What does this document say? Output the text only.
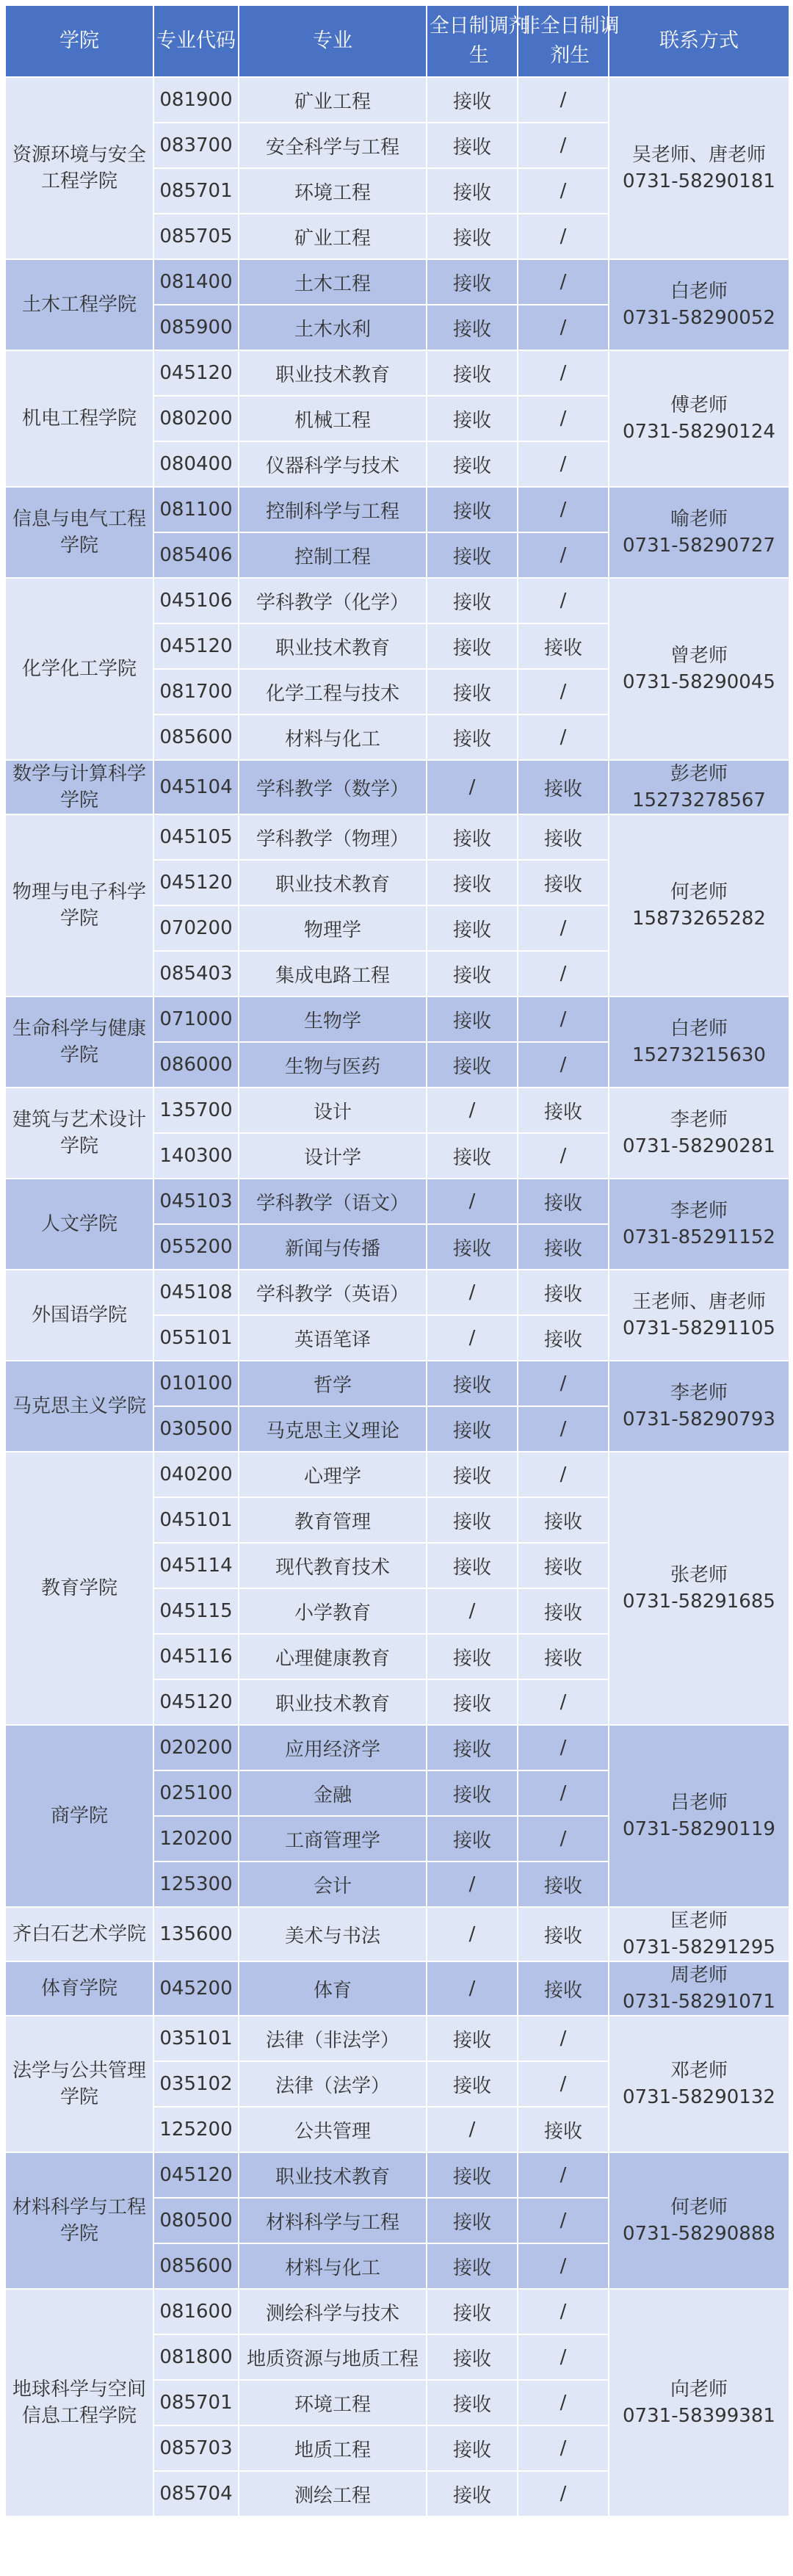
学院	专业代码	专业	全日制调剂生	非全日制调剂生	联系方式

资源环境与安全工程学院	081900	矿业工程	接收	/	吴老师、唐老师
0731-58290181
	083700	安全科学与工程	接收	/	
	085701	环境工程	接收	/	
	085705	矿业工程	接收	/	

土木工程学院	081400	土木工程	接收	/	白老师
0731-58290052
	085900	土木水利	接收	/	

机电工程学院	045120	职业技术教育	接收	/	傅老师
0731-58290124
	080200	机械工程	接收	/	
	080400	仪器科学与技术	接收	/	

信息与电气工程学院	081100	控制科学与工程	接收	/	喻老师
0731-58290727
	085406	控制工程	接收	/	

化学化工学院	045106	学科教学（化学）	接收	/	曾老师
0731-58290045
	045120	职业技术教育	接收	接收	
	081700	化学工程与技术	接收	/	
	085600	材料与化工	接收	/	

数学与计算科学学院	045104	学科教学（数学）	/	接收	彭老师
15273278567

物理与电子科学学院	045105	学科教学（物理）	接收	接收	何老师
15873265282
	045120	职业技术教育	接收	接收	
	070200	物理学	接收	/	
	085403	集成电路工程	接收	/	

生命科学与健康学院	071000	生物学	接收	/	白老师
15273215630
	086000	生物与医药	接收	/	

建筑与艺术设计学院	135700	设计	/	接收	李老师
0731-58290281
	140300	设计学	接收	/	

人文学院	045103	学科教学（语文）	/	接收	李老师
0731-85291152
	055200	新闻与传播	接收	接收	

外国语学院	045108	学科教学（英语）	/	接收	王老师、唐老师
0731-58291105
	055101	英语笔译	/	接收	

马克思主义学院	010100	哲学	接收	/	李老师
0731-58290793
	030500	马克思主义理论	接收	/	

教育学院	040200	心理学	接收	/	张老师
0731-58291685
	045101	教育管理	接收	接收	
	045114	现代教育技术	接收	接收	
	045115	小学教育	/	接收	
	045116	心理健康教育	接收	接收	
	045120	职业技术教育	接收	/	

商学院	020200	应用经济学	接收	/	吕老师
0731-58290119
	025100	金融	接收	/	
	120200	工商管理学	接收	/	
	125300	会计	/	接收	

齐白石艺术学院	135600	美术与书法	/	接收	匡老师
0731-58291295

体育学院	045200	体育	/	接收	周老师
0731-58291071

法学与公共管理学院	035101	法律（非法学）	接收	/	邓老师
0731-58290132
	035102	法律（法学）	接收	/	
	125200	公共管理	/	接收	

材料科学与工程学院	045120	职业技术教育	接收	/	何老师
0731-58290888
	080500	材料科学与工程	接收	/	
	085600	材料与化工	接收	/	

地球科学与空间信息工程学院	081600	测绘科学与技术	接收	/	向老师
0731-58399381
	081800	地质资源与地质工程	接收	/	
	085701	环境工程	接收	/	
	085703	地质工程	接收	/	
	085704	测绘工程	接收	/	
